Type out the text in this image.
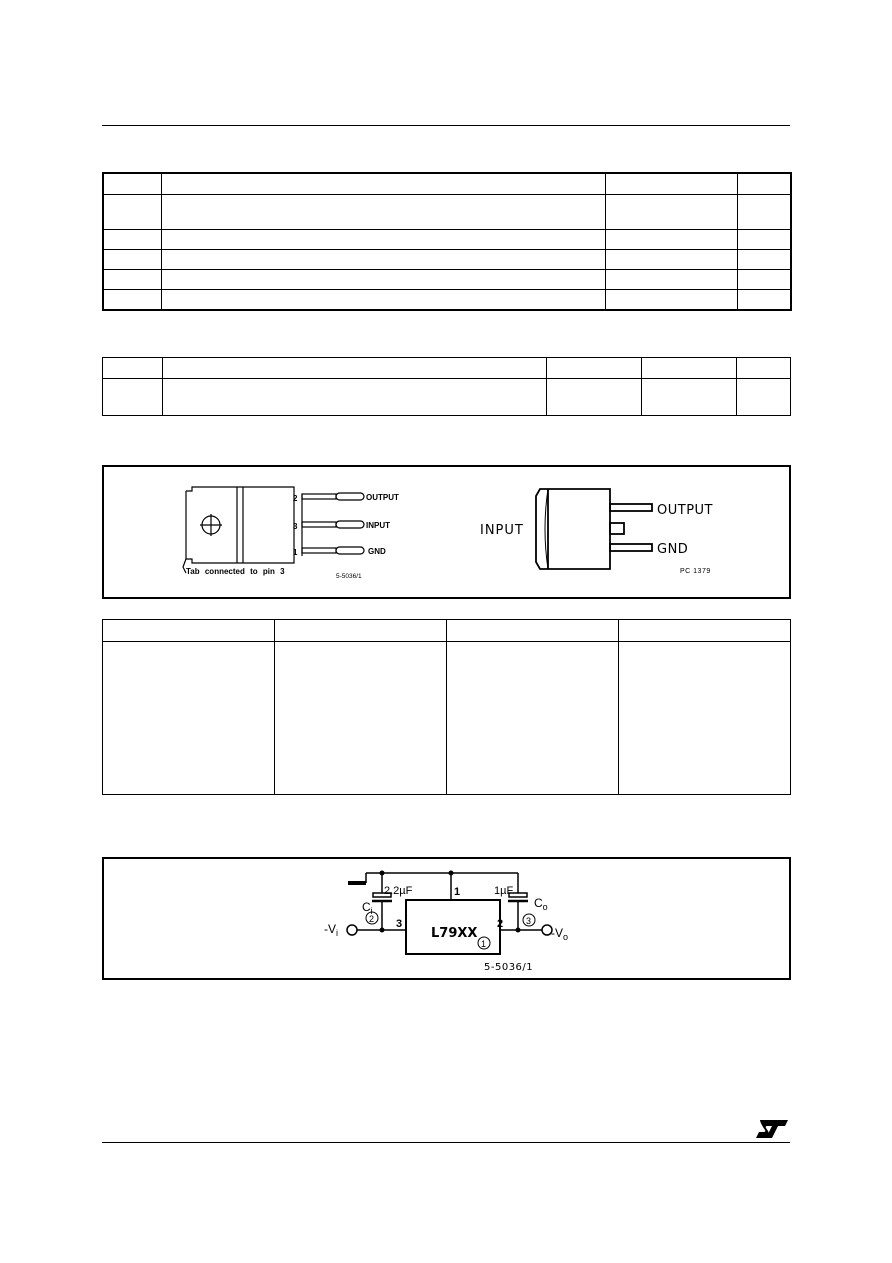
2	OUTPUT
3	INPUT
1	GND
Tab connected to pin 3
5-5036/1
INPUT
OUTPUT
GND
PC 1379

2	3
1
L79XX
2.2µF	1µF
$C_i$
$C_o$
$-V_i$	$-V_o$
3	2
1
5-5036/1
